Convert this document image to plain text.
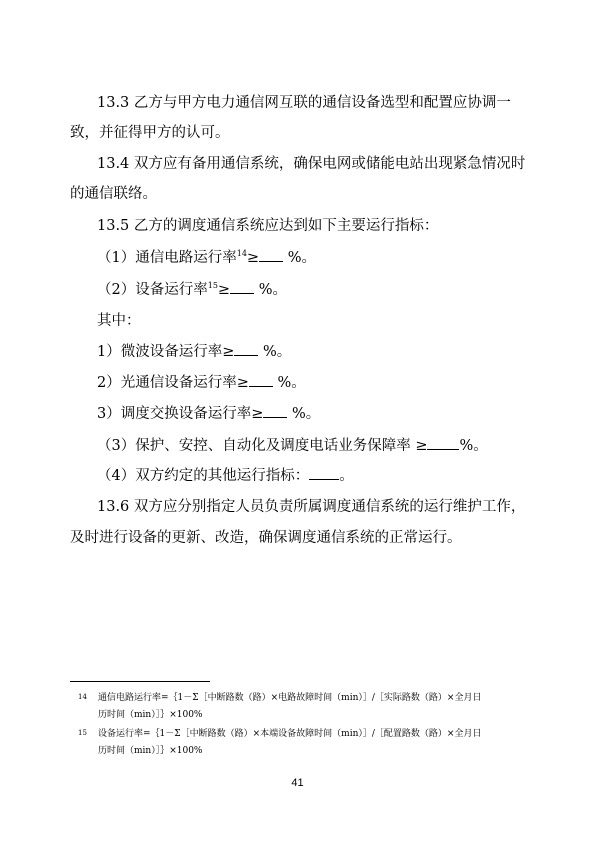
13.3 乙方与甲方电力通信网互联的通信设备选型和配置应协调一
致，并征得甲方的认可。
13.4 双方应有备用通信系统，确保电网或储能电站出现紧急情况时
的通信联络。
13.5 乙方的调度通信系统应达到如下主要运行指标：
（1）通信电路运行率$^{14}$≥ %。
（2）设备运行率$^{15}$≥ %。
其中：
1）微波设备运行率≥ %。
2）光通信设备运行率≥ %。
3）调度交换设备运行率≥ %。
（3）保护、安控、自动化及调度电话业务保障率 ≥ %。
（4）双方约定的其他运行指标： 。
13.6 双方应分别指定人员负责所属调度通信系统的运行维护工作，
及时进行设备的更新、改造，确保调度通信系统的正常运行。
14 通信电路运行率=｛1－Σ［中断路数（路）×电路故障时间（min）］/［实际路数（路）×全月日
历时间（min）］｝×100%
15 设备运行率=｛1－Σ［中断路数（路）×本端设备故障时间（min）］/［配置路数（路）×全月日
历时间（min）］｝×100%
41
